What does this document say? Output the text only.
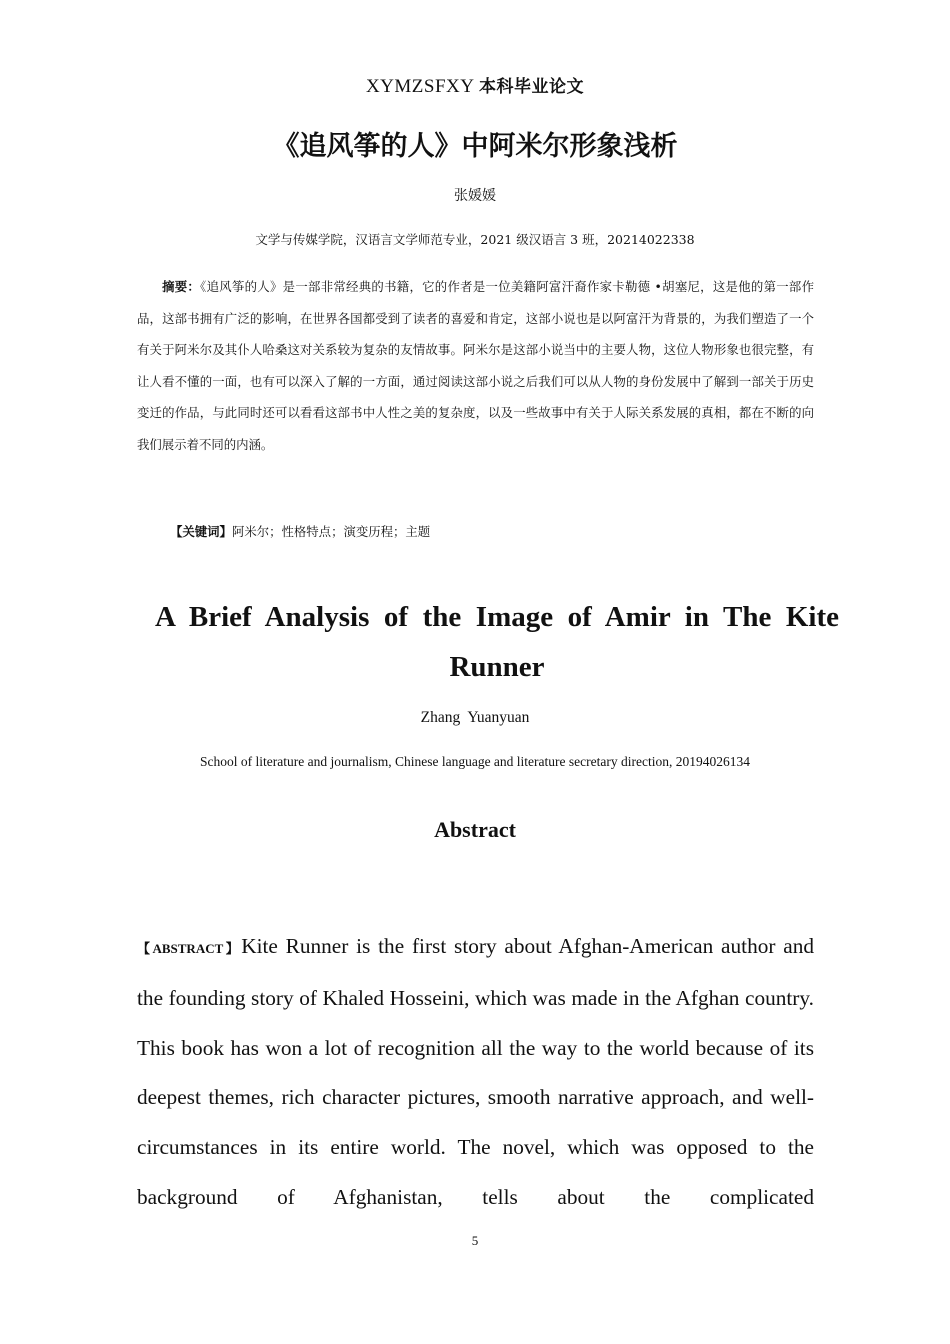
XYMZSFXY 本科毕业论文
《追风筝的人》中阿米尔形象浅析
张媛媛
文学与传媒学院，汉语言文学师范专业，2021 级汉语言 3 班，20214022338
  摘要：《追风筝的人》是一部非常经典的书籍，它的作者是一位美籍阿富汗裔作家卡勒德 •胡塞尼，这是他的第一部作品，这部书拥有广泛的影响，在世界各国都受到了读者的喜爱和肯定，这部小说也是以阿富汗为背景的，为我们塑造了一个有关于阿米尔及其仆人哈桑这对关系较为复杂的友情故事。阿米尔是这部小说当中的主要人物，这位人物形象也很完整，有让人看不懂的一面，也有可以深入了解的一方面，通过阅读这部小说之后我们可以从人物的身份发展中了解到一部关于历史变迁的作品，与此同时还可以看看这部书中人性之美的复杂度，以及一些故事中有关于人际关系发展的真相，都在不断的向我们展示着不同的内涵。
【关键词】阿米尔；性格特点；演变历程；主题
A Brief Analysis of the Image of Amir in The Kite
Runner
Zhang  Yuanyuan
School of literature and journalism, Chinese language and literature secretary direction, 20194026134
Abstract
【ABSTRACT】Kite Runner is the first story about Afghan-American author and the founding story of Khaled Hosseini, which was made in the Afghan country. This book has won a lot of recognition all the way to the world because of its deepest themes, rich character pictures, smooth narrative approach, and well-circumstances in its entire world. The novel, which was opposed to the background of Afghanistan, tells about the complicated
5
